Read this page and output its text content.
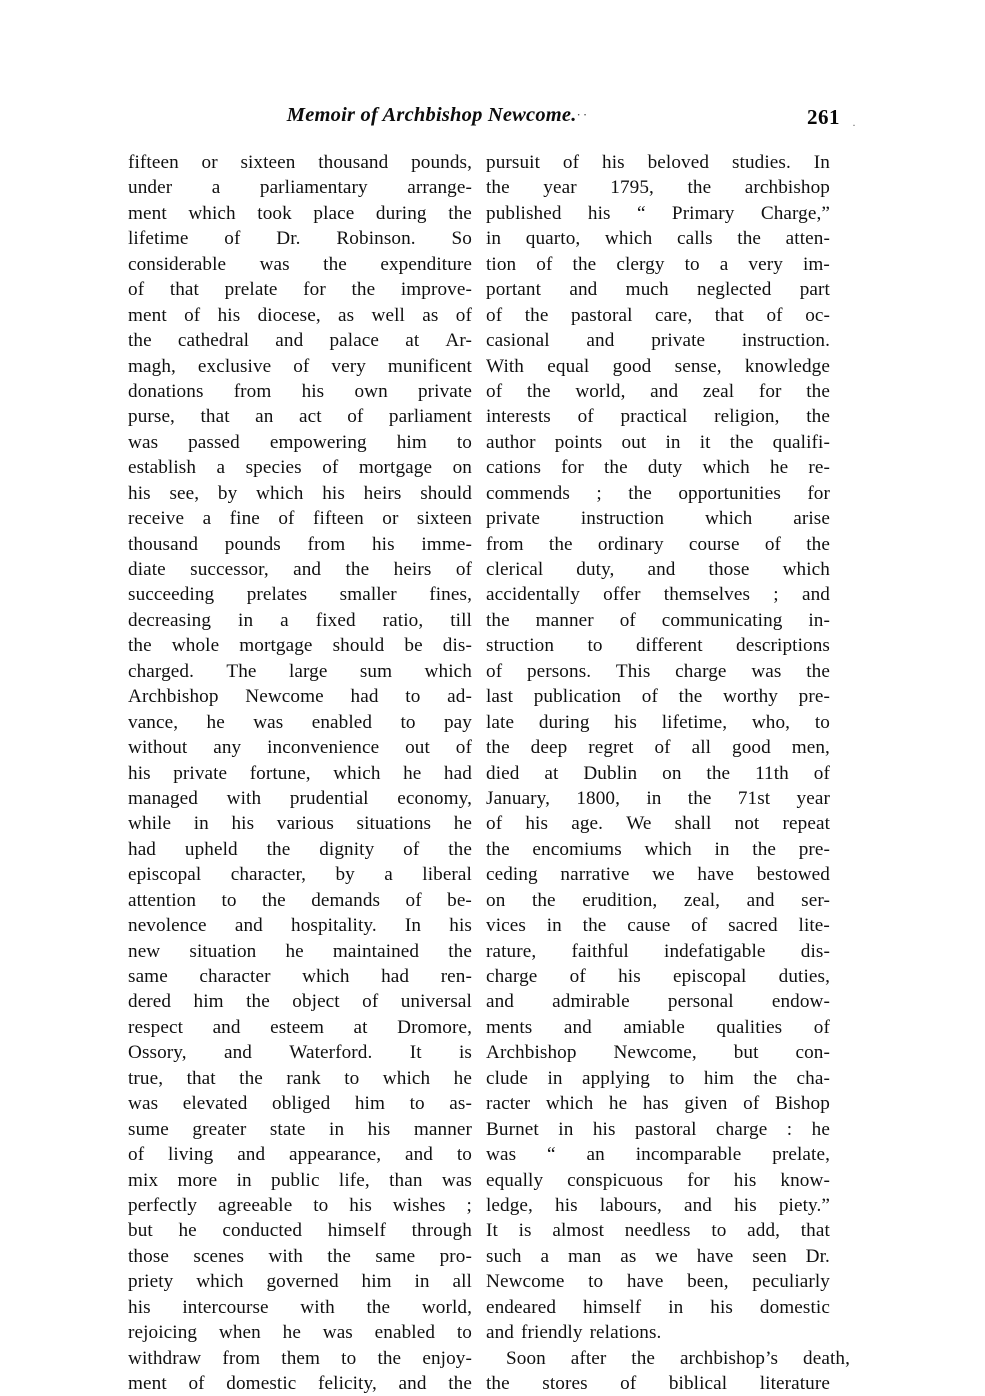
Memoir of Archbishop Newcome.··	261 ·
fifteen or sixteen thousand pounds,
under a parliamentary arrange-
ment which took place during the
lifetime of Dr. Robinson. So
considerable was the expenditure
of that prelate for the improve-
ment of his diocese, as well as of
the cathedral and palace at Ar-
magh, exclusive of very munificent
donations from his own private
purse, that an act of parliament
was passed empowering him to
establish a species of mortgage on
his see, by which his heirs should
receive a fine of fifteen or sixteen
thousand pounds from his imme-
diate successor, and the heirs of
succeeding prelates smaller fines,
decreasing in a fixed ratio, till
the whole mortgage should be dis-
charged. The large sum which
Archbishop Newcome had to ad-
vance, he was enabled to pay
without any inconvenience out of
his private fortune, which he had
managed with prudential economy,
while in his various situations he
had upheld the dignity of the
episcopal character, by a liberal
attention to the demands of be-
nevolence and hospitality. In his
new situation he maintained the
same character which had ren-
dered him the object of universal
respect and esteem at Dromore,
Ossory, and Waterford. It is
true, that the rank to which he
was elevated obliged him to as-
sume greater state in his manner
of living and appearance, and to
mix more in public life, than was
perfectly agreeable to his wishes ;
but he conducted himself through
those scenes with the same pro-
priety which governed him in all
his intercourse with the world,
rejoicing when he was enabled to
withdraw from them to the enjoy-
ment of domestic felicity, and the
pursuit of his beloved studies. In
the year 1795, the archbishop
published his “ Primary Charge,”
in quarto, which calls the atten-
tion of the clergy to a very im-
portant and much neglected part
of the pastoral care, that of oc-
casional and private instruction.
With equal good sense, knowledge
of the world, and zeal for the
interests of practical religion, the
author points out in it the qualifi-
cations for the duty which he re-
commends ; the opportunities for
private instruction which arise
from the ordinary course of the
clerical duty, and those which
accidentally offer themselves ; and
the manner of communicating in-
struction to different descriptions
of persons. This charge was the
last publication of the worthy pre-
late during his lifetime, who, to
the deep regret of all good men,
died at Dublin on the 11th of
January, 1800, in the 71st year
of his age. We shall not repeat
the encomiums which in the pre-
ceding narrative we have bestowed
on the erudition, zeal, and ser-
vices in the cause of sacred lite-
rature, faithful indefatigable dis-
charge of his episcopal duties,
and admirable personal endow-
ments and amiable qualities of
Archbishop Newcome, but con-
clude in applying to him the cha-
racter which he has given of Bishop
Burnet in his pastoral charge : he
was “ an incomparable prelate,
equally conspicuous for his know-
ledge, his labours, and his piety.”
It is almost needless to add, that
such a man as we have seen Dr.
Newcome to have been, peculiarly
endeared himself in his domestic
and friendly relations.
Soon after the archbishop’s death,
the stores of biblical literature
